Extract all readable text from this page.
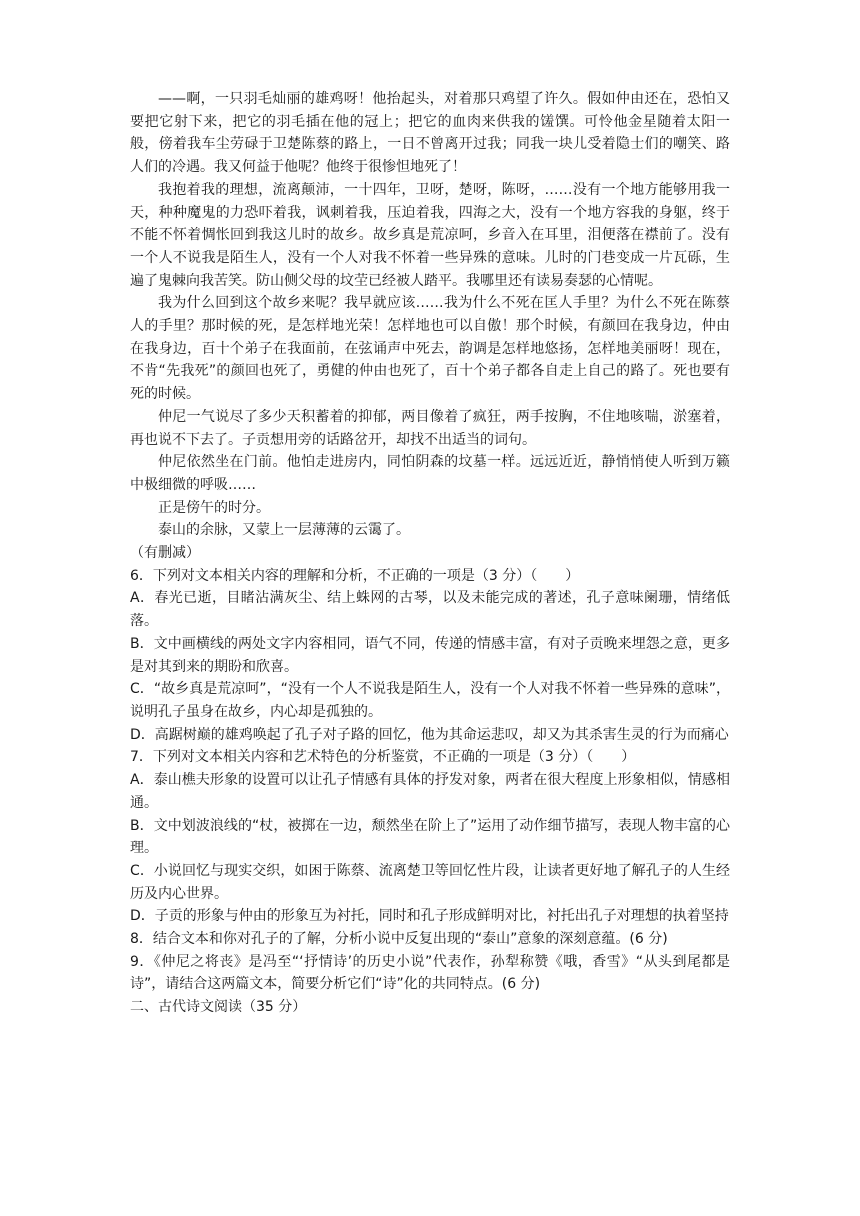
——啊，一只羽毛灿丽的雄鸡呀！他抬起头，对着那只鸡望了许久。假如仲由还在，恐怕又要把它射下来，把它的羽毛插在他的冠上；把它的血肉来供我的馐馔。可怜他金星随着太阳一般，傍着我车尘劳碌于卫楚陈蔡的路上，一日不曾离开过我；同我一块儿受着隐士们的嘲笑、路人们的冷遇。我又何益于他呢？他终于很惨怛地死了！

我抱着我的理想，流离颠沛，一十四年，卫呀，楚呀，陈呀，……没有一个地方能够用我一天，种种魔鬼的力恐吓着我，讽刺着我，压迫着我，四海之大，没有一个地方容我的身躯，终于不能不怀着惆怅回到我这儿时的故乡。故乡真是荒凉呵，乡音入在耳里，泪便落在襟前了。没有一个人不说我是陌生人，没有一个人对我不怀着一些异殊的意味。儿时的门巷变成一片瓦砾，生遍了鬼棘向我苦笑。防山侧父母的坟茔已经被人踏平。我哪里还有读易奏瑟的心情呢。

我为什么回到这个故乡来呢？我早就应该……我为什么不死在匡人手里？为什么不死在陈蔡人的手里？那时候的死，是怎样地光荣！怎样地也可以自傲！那个时候，有颜回在我身边，仲由在我身边，百十个弟子在我面前，在弦诵声中死去，韵调是怎样地悠扬，怎样地美丽呀！现在，不肯“先我死”的颜回也死了，勇健的仲由也死了，百十个弟子都各自走上自己的路了。死也要有死的时候。

仲尼一气说尽了多少天积蓄着的抑郁，两目像着了疯狂，两手按胸，不住地咳喘，淤塞着，再也说不下去了。子贡想用旁的话路岔开，却找不出适当的词句。

仲尼依然坐在门前。他怕走进房内，同怕阴森的坟墓一样。远远近近，静悄悄使人听到万籁中极细微的呼吸……

正是傍午的时分。

泰山的余脉，又蒙上一层薄薄的云霭了。

（有删减）

6．下列对文本相关内容的理解和分析，不正确的一项是（3 分）（　　）

A．春光已逝，目睹沾满灰尘、结上蛛网的古琴，以及未能完成的著述，孔子意味阑珊，情绪低落。

B．文中画横线的两处文字内容相同，语气不同，传递的情感丰富，有对子贡晚来埋怨之意，更多是对其到来的期盼和欣喜。

C．“故乡真是荒凉呵”，“没有一个人不说我是陌生人，没有一个人对我不怀着一些异殊的意味”，说明孔子虽身在故乡，内心却是孤独的。

D．高踞树巅的雄鸡唤起了孔子对子路的回忆，他为其命运悲叹，却又为其杀害生灵的行为而痛心

7．下列对文本相关内容和艺术特色的分析鉴赏，不正确的一项是（3 分）（　　）

A．泰山樵夫形象的设置可以让孔子情感有具体的抒发对象，两者在很大程度上形象相似，情感相通。

B．文中划波浪线的“杖，被掷在一边，颓然坐在阶上了”运用了动作细节描写，表现人物丰富的心理。

C．小说回忆与现实交织，如困于陈蔡、流离楚卫等回忆性片段，让读者更好地了解孔子的人生经历及内心世界。

D．子贡的形象与仲由的形象互为衬托，同时和孔子形成鲜明对比，衬托出孔子对理想的执着坚持

8．结合文本和你对孔子的了解，分析小说中反复出现的“泰山”意象的深刻意蕴。(6 分)

9．《仲尼之将丧》是冯至“‘抒情诗’的历史小说”代表作，孙犁称赞《哦，香雪》“从头到尾都是诗”，请结合这两篇文本，简要分析它们“诗”化的共同特点。(6 分)

二、古代诗文阅读（35 分）
